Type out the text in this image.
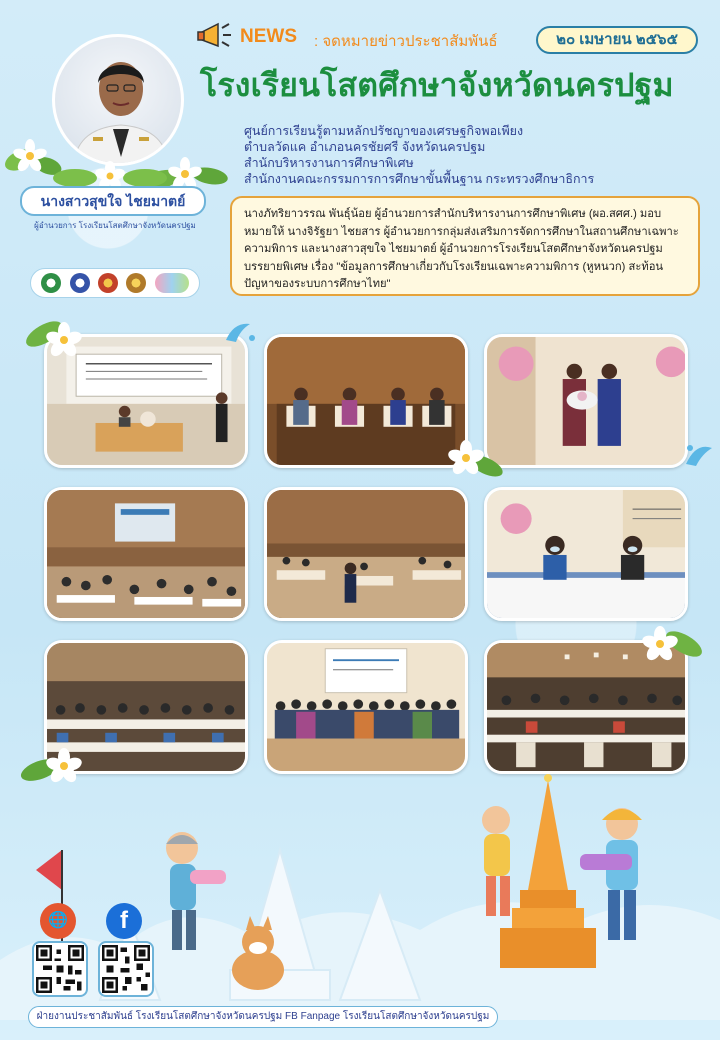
NEWS : จดหมายข่าวประชาสัมพันธ์	๒๐ เมษายน ๒๕๖๕
โรงเรียนโสตศึกษาจังหวัดนครปฐม
ศูนย์การเรียนรู้ตามหลักปรัชญาของเศรษฐกิจพอเพียง
ตำบลวัดแค อำเภอนครชัยศรี จังหวัดนครปฐม
สำนักบริหารงานการศึกษาพิเศษ
สำนักงานคณะกรรมการการศึกษาขั้นพื้นฐาน กระทรวงศึกษาธิการ
นางสาวสุขใจ ไชยมาตย์
ผู้อำนวยการ โรงเรียนโสตศึกษาจังหวัดนครปฐม

นางภัทริยาวรรณ พันธุ์น้อย ผู้อำนวยการสำนักบริหารงานการศึกษาพิเศษ (ผอ.สศศ.) มอบหมายให้ นางจิรัฐยา ไชยสาร ผู้อำนวยการกลุ่มส่งเสริมการจัดการศึกษาในสถานศึกษาเฉพาะความพิการ และนางสาวสุขใจ ไชยมาตย์ ผู้อำนวยการโรงเรียนโสตศึกษาจังหวัดนครปฐม บรรยายพิเศษ เรื่อง "ข้อมูลการศึกษาเกี่ยวกับโรงเรียนเฉพาะความพิการ (หูหนวก) สะท้อนปัญหาของระบบการศึกษาไทย"

🌐	f
ฝ่ายงานประชาสัมพันธ์ โรงเรียนโสตศึกษาจังหวัดนครปฐม FB Fanpage โรงเรียนโสตศึกษาจังหวัดนครปฐม
